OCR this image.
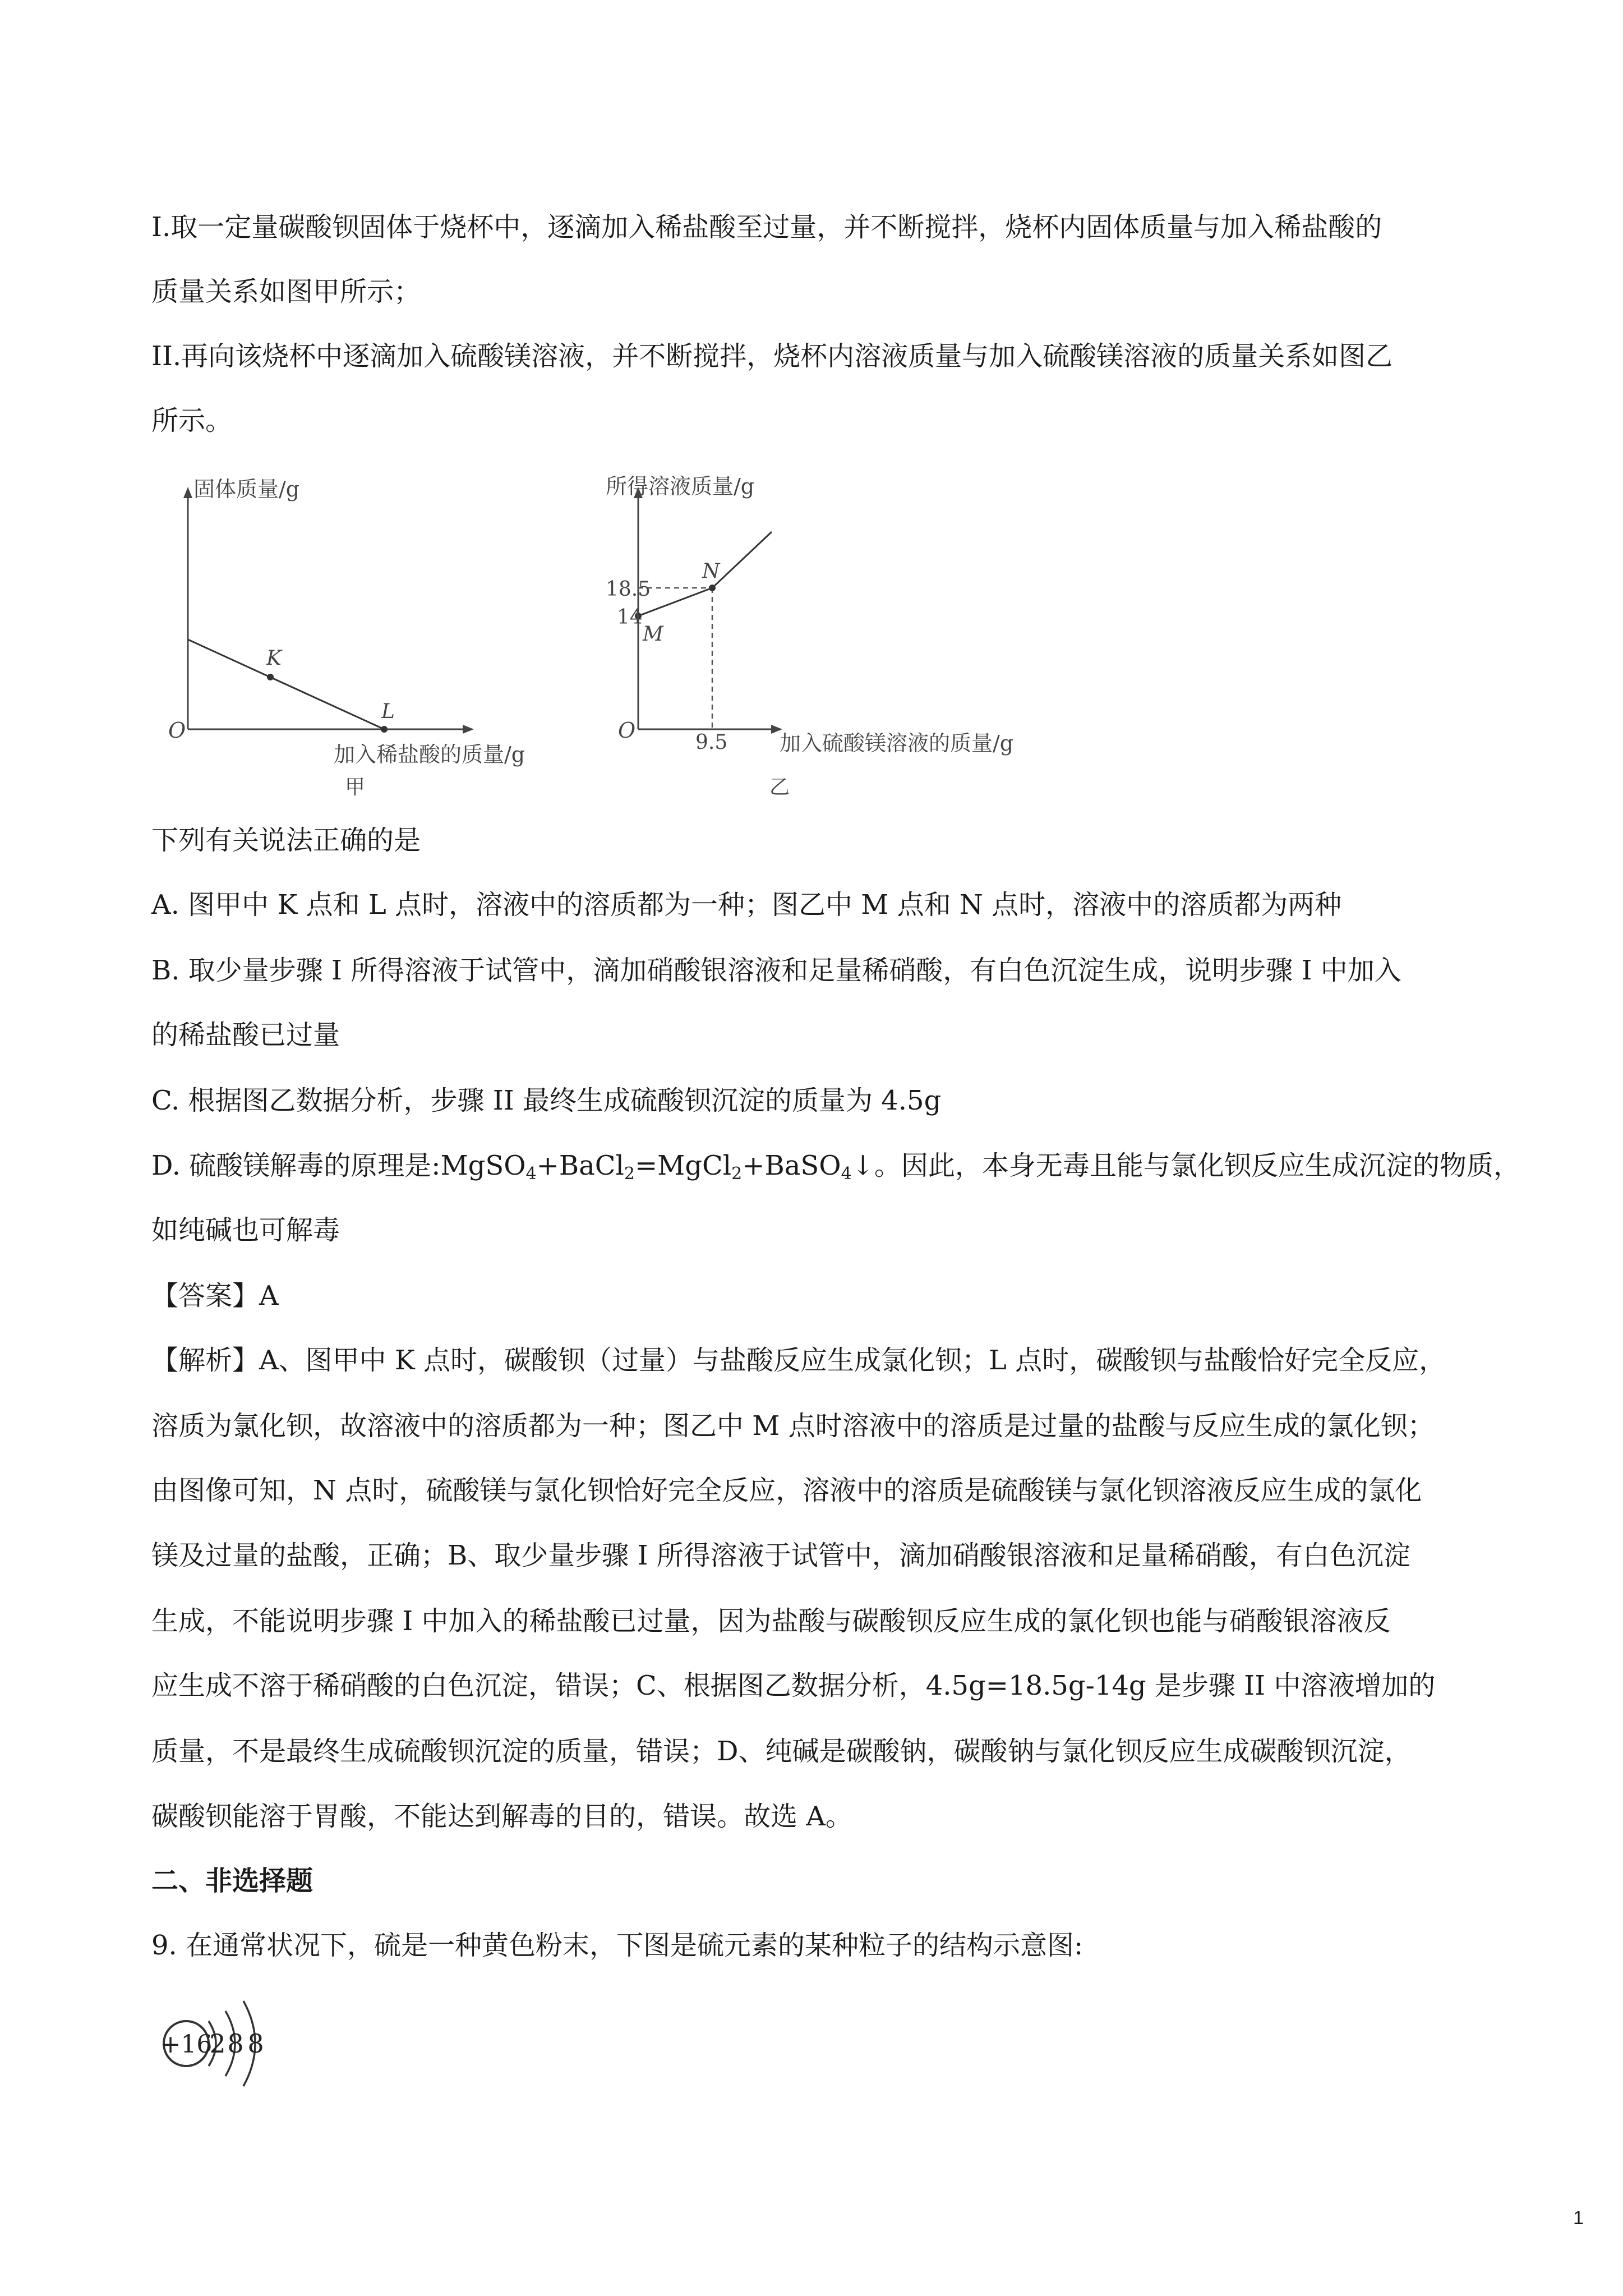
I.取一定量碳酸钡固体于烧杯中，逐滴加入稀盐酸至过量，并不断搅拌，烧杯内固体质量与加入稀盐酸的
质量关系如图甲所示；
II.再向该烧杯中逐滴加入硫酸镁溶液，并不断搅拌，烧杯内溶液质量与加入硫酸镁溶液的质量关系如图乙
所示。
固体质量/g
O
K
L
加入稀盐酸的质量/g
甲
所得溶液质量/g
18.5
14
M
N
O	9.5 加入硫酸镁溶液的质量/g
乙
下列有关说法正确的是
A. 图甲中 K 点和 L 点时，溶液中的溶质都为一种；图乙中 M 点和 N 点时，溶液中的溶质都为两种
B. 取少量步骤 I 所得溶液于试管中，滴加硝酸银溶液和足量稀硝酸，有白色沉淀生成，说明步骤 I 中加入
的稀盐酸已过量
C. 根据图乙数据分析，步骤 II 最终生成硫酸钡沉淀的质量为 4.5g
D. 硫酸镁解毒的原理是:MgSO$_4$+BaCl$_2$=MgCl$_2$+BaSO$_4$↓。因此，本身无毒且能与氯化钡反应生成沉淀的物质，
如纯碱也可解毒
【答案】A
【解析】A、图甲中 K 点时，碳酸钡（过量）与盐酸反应生成氯化钡；L 点时，碳酸钡与盐酸恰好完全反应，
溶质为氯化钡，故溶液中的溶质都为一种；图乙中 M 点时溶液中的溶质是过量的盐酸与反应生成的氯化钡；
由图像可知，N 点时，硫酸镁与氯化钡恰好完全反应，溶液中的溶质是硫酸镁与氯化钡溶液反应生成的氯化
镁及过量的盐酸，正确；B、取少量步骤 I 所得溶液于试管中，滴加硝酸银溶液和足量稀硝酸，有白色沉淀
生成，不能说明步骤 I 中加入的稀盐酸已过量，因为盐酸与碳酸钡反应生成的氯化钡也能与硝酸银溶液反
应生成不溶于稀硝酸的白色沉淀，错误；C、根据图乙数据分析，4.5g=18.5g-14g 是步骤 II 中溶液增加的
质量，不是最终生成硫酸钡沉淀的质量，错误；D、纯碱是碳酸钠，碳酸钠与氯化钡反应生成碳酸钡沉淀，
碳酸钡能溶于胃酸，不能达到解毒的目的，错误。故选 A。
二、非选择题
9. 在通常状况下，硫是一种黄色粉末，下图是硫元素的某种粒子的结构示意图:
+16
2 8 8
1
